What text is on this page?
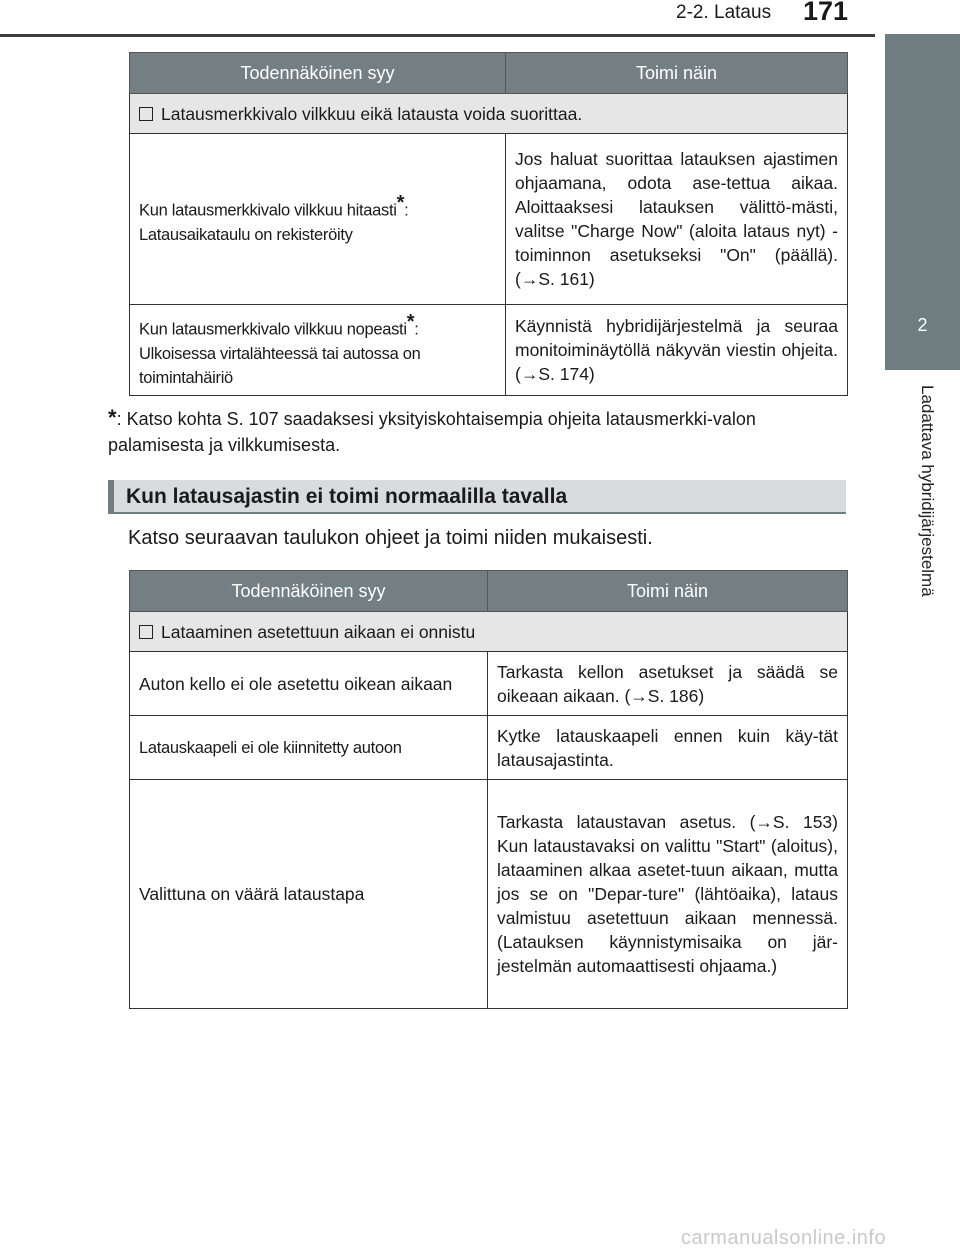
2-2. Lataus 171
2
Ladattava hybridijärjestelmä
Todennäköinen syy	Toimi näin
Latausmerkkivalo vilkkuu eikä latausta voida suorittaa.	
Kun latausmerkkivalo vilkkuu hitaasti*:
Latausaikataulu on rekisteröity	Jos haluat suorittaa latauksen ajastimen ohjaamana, odota ase-tettua aikaa. Aloittaaksesi latauksen välittö-mästi, valitse "Charge Now" (aloita lataus nyt) -toiminnon asetukseksi "On" (päällä). (→S. 161)
Kun latausmerkkivalo vilkkuu nopeasti*:
Ulkoisessa virtalähteessä tai autossa on toimintahäiriö	Käynnistä hybridijärjestelmä ja seuraa monitoiminäytöllä näkyvän viestin ohjeita. (→S. 174)
*: Katso kohta S. 107 saadaksesi yksityiskohtaisempia ohjeita latausmerkki-valon palamisesta ja vilkkumisesta.
Kun latausajastin ei toimi normaalilla tavalla
Katso seuraavan taulukon ohjeet ja toimi niiden mukaisesti.
Todennäköinen syy	Toimi näin
Lataaminen asetettuun aikaan ei onnistu	
Auton kello ei ole asetettu oikean aikaan	Tarkasta kellon asetukset ja säädä se oikeaan aikaan. (→S. 186)
Latauskaapeli ei ole kiinnitetty autoon	Kytke latauskaapeli ennen kuin käy-tät latausajastinta.
Valittuna on väärä lataustapa	Tarkasta lataustavan asetus. (→S. 153) Kun lataustavaksi on valittu "Start" (aloitus), lataaminen alkaa asetet-tuun aikaan, mutta jos se on "Depar-ture" (lähtöaika), lataus valmistuu asetettuun aikaan mennessä. (Latauksen käynnistymisaika on jär-jestelmän automaattisesti ohjaama.)
carmanualsonline.info
